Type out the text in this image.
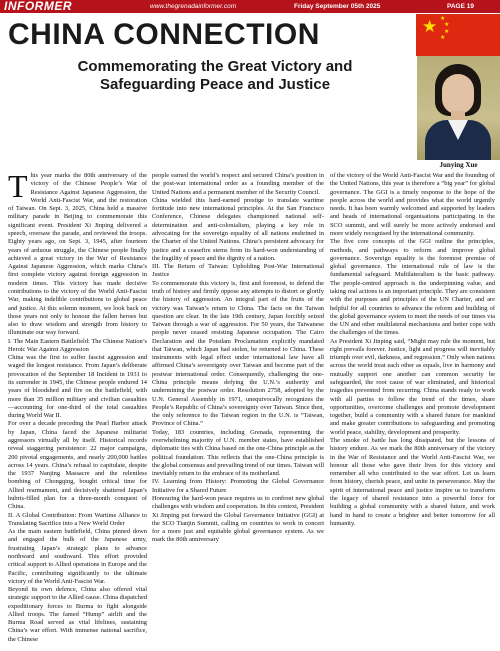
INFORMER	www.thegrenadainformer.com	Friday September 05th 2025	PAGE 19
★ ★
★
★
★
CHINA CONNECTION
Commemorating the Great Victory and Safeguarding Peace and Justice
Junying Xue

This year marks the 80th anniversary of the victory of the Chinese People’s War of Resistance Against Japanese Aggression, the World Anti-Fascist War, and the restoration of Taiwan. On Sept. 3, 2025, China held a massive military parade in Beijing to commemorate this significant event. President Xi Jinping delivered a speech, oversaw the parade, and reviewed the troops. Eighty years ago, on Sept. 3, 1945, after fourteen years of arduous struggle, the Chinese people finally achieved a great victory in the War of Resistance Against Japanese Aggression, which marks China’s first complete victory against foreign aggression in modern times. This victory has made decisive contributions to the victory of the World Anti-Fascist War, making indelible contributions to global peace and justice. At this solemn moment, we look back on those years not only to honour the fallen heroes but also to draw wisdom and strength from history to illuminate our way forward.

I. The Main Eastern Battlefield: The Chinese Nation’s Heroic War Against Aggression

China was the first to suffer fascist aggression and waged the longest resistance. From Japan’s deliberate provocation of the September 18 Incident in 1931 to its surrender in 1945, the Chinese people endured 14 years of bloodshed and fire on the battlefield, with more than 35 million military and civilian casualties—accounting for one-third of the total casualties during World War II.

For over a decade preceding the Pearl Harbor attack by Japan, China faced the Japanese militarist aggressors virtually all by itself. Historical records reveal staggering persistence: 22 major campaigns, 200 pivotal engagements, and nearly 200,000 battles across 14 years. China’s refusal to capitulate, despite the 1937 Nanjing Massacre and the relentless bombing of Chongqing, bought critical time for Allied rearmament, and decisively shattered Japan’s hubris-filled plan for a three-month conquest of China.

II. A Global Contribution: From Wartime Alliance to Translating Sacrifice into a New World Order

As the main eastern battlefield, China pinned down and engaged the bulk of the Japanese army, frustrating Japan’s strategic plans to advance northward and southward. This effort provided critical support to Allied operations in Europe and the Pacific, contributing significantly to the ultimate victory of the World Anti-Fascist War.

Beyond its own defence, China also offered vital strategic support to the Allied cause. China dispatched expeditionary forces to Burma to fight alongside Allied troops. The famed “Hump” airlift and the Burma Road served as vital lifelines, sustaining China’s war effort. With immense national sacrifice, the Chinese

people earned the world’s respect and secured China’s position in the post-war international order as a founding member of the United Nations and a permanent member of the Security Council.

China wielded this hard-earned prestige to translate wartime fortitude into new international principles. At the San Francisco Conference, Chinese delegates championed national self-determination and anti-colonialism, playing a key role in advocating for the sovereign equality of all nations enshrined in the Charter of the United Nations. China’s persistent advocacy for justice and a ceasefire stems from its hard-won understanding of the fragility of peace and the dignity of a nation.

III. The Return of Taiwan: Upholding Post-War International Justice

To commemorate this victory is, first and foremost, to defend the truth of history and firmly oppose any attempts to distort or glorify the history of aggression. An integral part of the fruits of the victory was Taiwan’s return to China. The facts on the Taiwan question are clear. In the late 19th century, Japan forcibly seized Taiwan through a war of aggression. For 50 years, the Taiwanese people never ceased resisting Japanese occupation. The Cairo Declaration and the Potsdam Proclamation explicitly mandated that Taiwan, which Japan had stolen, be returned to China. These instruments with legal effect under international law have all affirmed China’s sovereignty over Taiwan and become part of the postwar international order. Consequently, challenging the one-China principle means defying the U.N.’s authority and undermining the postwar order. Resolution 2758, adopted by the U.N. General Assembly in 1971, unequivocally recognizes the People’s Republic of China’s sovereignty over Taiwan. Since then, the only reference to the Taiwan region in the U.N. is “Taiwan, Province of China.”

Today, 183 countries, including Grenada, representing the overwhelming majority of U.N. member states, have established diplomatic ties with China based on the one-China principle as the political foundation. This reflects that the one-China principle is the global consensus and prevailing trend of our times. Taiwan will inevitably return to the embrace of its motherland.

IV. Learning from History: Promoting the Global Governance Initiative for a Shared Future

Honouring the hard-won peace requires us to confront new global challenges with wisdom and cooperation. In this context, President Xi Jinping put forward the Global Governance Initiative (GGI) at the SCO Tianjin Summit, calling on countries to work in concert for a more just and equitable global governance system. As we mark the 80th anniversary

of the victory of the World Anti-Fascist War and the founding of the United Nations, this year is therefore a “big year” for global governance. The GGI is a timely response to the hope of the people across the world and provides what the world urgently needs. It has been warmly welcomed and supported by leaders and heads of international organisations participating in the SCO summit, and will surely be more actively endorsed and more widely recognised by the international community.

The five core concepts of the GGI outline the principles, methods, and pathways to reform and improve global governance. Sovereign equality is the foremost premise of global governance. The international rule of law is the fundamental safeguard. Multilateralism is the basic pathway. The people-centred approach is the underpinning value, and taking real actions is an important principle. They are consistent with the purposes and principles of the UN Charter, and are helpful for all countries to advance the reform and building of the global governance system to meet the needs of our times via the UN and other multilateral mechanisms and better cope with the challenges of the times.

As President Xi Jinping said, “Might may rule the moment, but right prevails forever. Justice, light and progress will inevitably triumph over evil, darkness, and regression.” Only when nations across the world treat each other as equals, live in harmony and mutually support one another can common security be safeguarded, the root cause of war eliminated, and historical tragedies prevented from recurring. China stands ready to work with all parties to follow the trend of the times, share opportunities, overcome challenges and promote development together, build a community with a shared future for mankind and make greater contributions to safeguarding and promoting world peace, stability, development and prosperity.

The smoke of battle has long dissipated, but the lessons of history endure. As we mark the 80th anniversary of the victory in the War of Resistance and the World Anti-Fascist War, we honour all those who gave their lives for this victory and remember all who contributed to the war effort. Let us learn from history, cherish peace, and unite in perseverance. May the spirit of international peace and justice inspire us to transform the legacy of shared resistance into a powerful force for building a global community with a shared future, and work hand in hand to create a brighter and better tomorrow for all humanity.
